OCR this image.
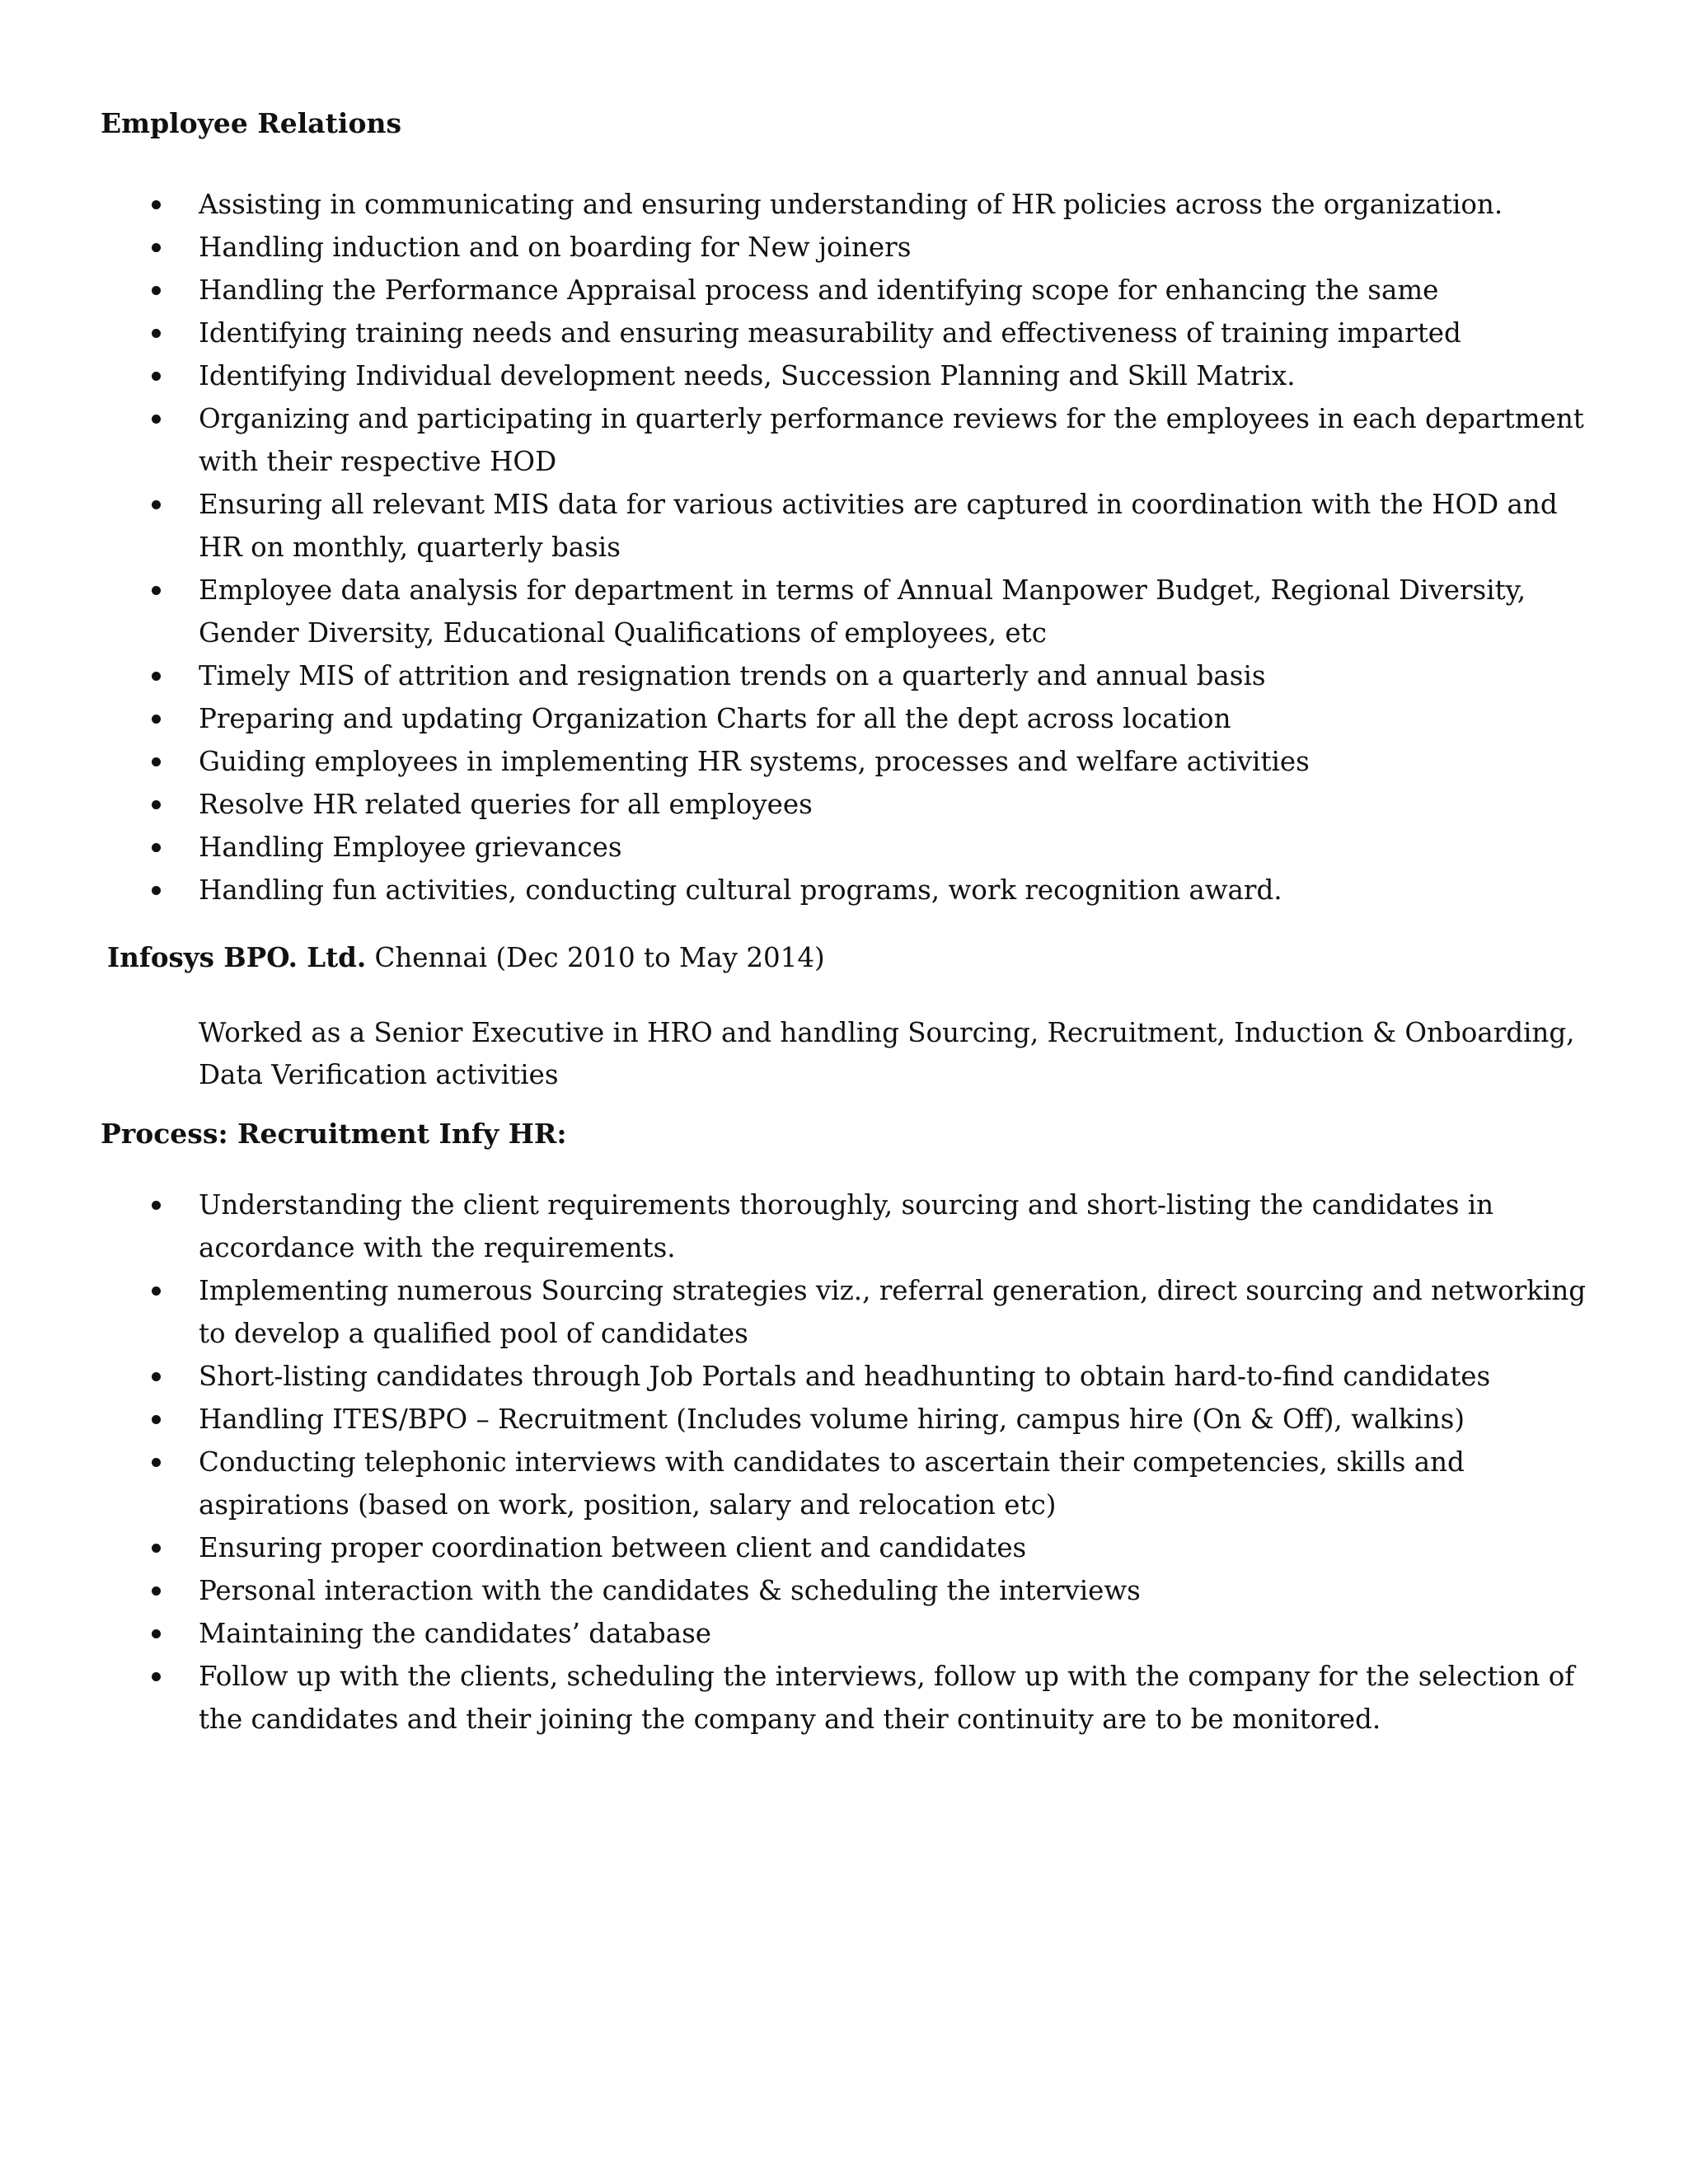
Employee Relations
Assisting in communicating and ensuring understanding of HR policies across the organization.
Handling induction and on boarding for New joiners
Handling the Performance Appraisal process and identifying scope for enhancing the same
Identifying training needs and ensuring measurability and effectiveness of training imparted
Identifying Individual development needs, Succession Planning and Skill Matrix.
Organizing and participating in quarterly performance reviews for the employees in each department with their respective HOD
Ensuring all relevant MIS data for various activities are captured in coordination with the HOD and HR on monthly, quarterly basis
Employee data analysis for department in terms of Annual Manpower Budget, Regional Diversity, Gender Diversity, Educational Qualifications of employees, etc
Timely MIS of attrition and resignation trends on a quarterly and annual basis
Preparing and updating Organization Charts for all the dept across location
Guiding employees in implementing HR systems, processes and welfare activities
Resolve HR related queries for all employees
Handling Employee grievances
Handling fun activities, conducting cultural programs, work recognition award.
Infosys BPO. Ltd. Chennai (Dec 2010 to May 2014)

Worked as a Senior Executive in HRO and handling Sourcing, Recruitment, Induction & Onboarding, Data Verification activities

Process: Recruitment Infy HR:
Understanding the client requirements thoroughly, sourcing and short-listing the candidates in accordance with the requirements.
Implementing numerous Sourcing strategies viz., referral generation, direct sourcing and networking to develop a qualified pool of candidates
Short-listing candidates through Job Portals and headhunting to obtain hard-to-find candidates
Handling ITES/BPO – Recruitment (Includes volume hiring, campus hire (On & Off), walkins)
Conducting telephonic interviews with candidates to ascertain their competencies, skills and aspirations (based on work, position, salary and relocation etc)
Ensuring proper coordination between client and candidates
Personal interaction with the candidates & scheduling the interviews
Maintaining the candidates’ database
Follow up with the clients, scheduling the interviews, follow up with the company for the selection of the candidates and their joining the company and their continuity are to be monitored.
